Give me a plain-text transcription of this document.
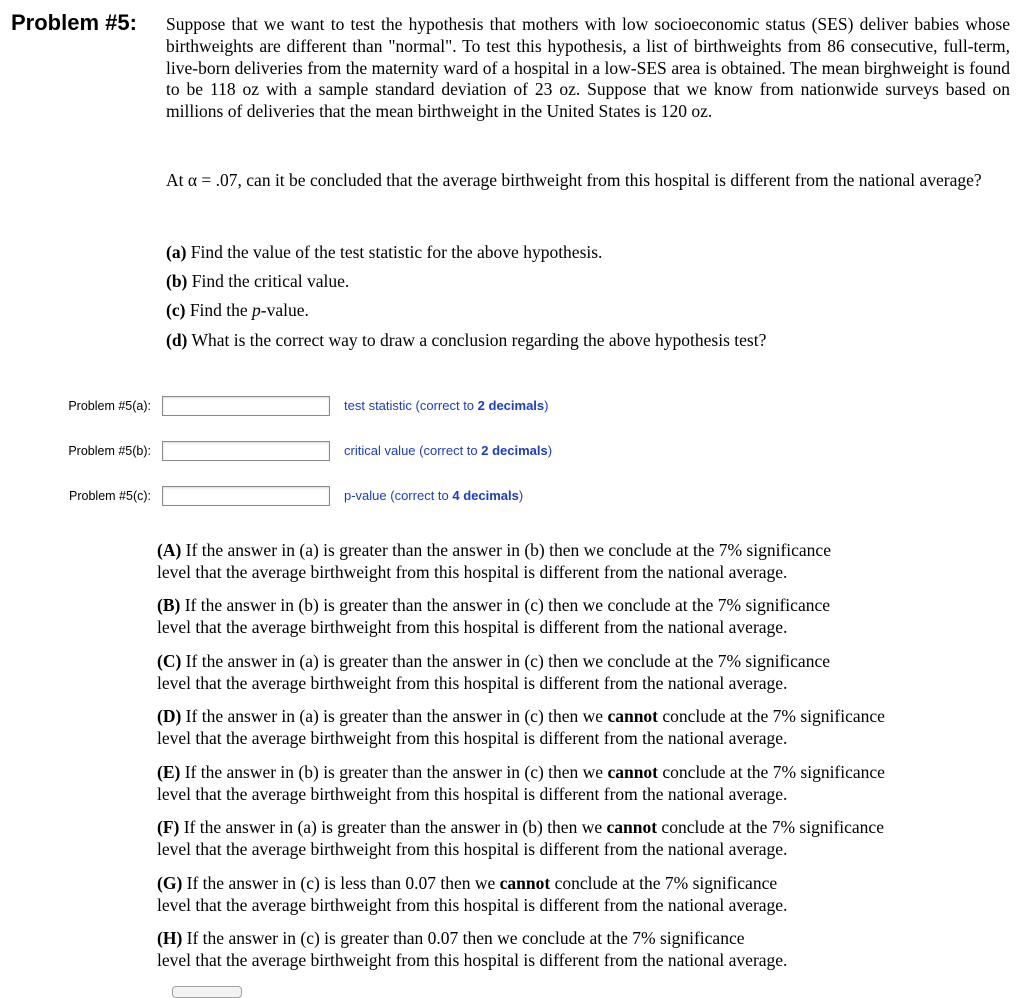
Problem #5: Suppose that we want to test the hypothesis that mothers with low socioeconomic status (SES) deliver babies whose birthweights are different than "normal". To test this hypothesis, a list of birthweights from 86 consecutive, full-term, live-born deliveries from the maternity ward of a hospital in a low-SES area is obtained. The mean birghweight is found to be 118 oz with a sample standard deviation of 23 oz. Suppose that we know from nationwide surveys based on millions of deliveries that the mean birthweight in the United States is 120 oz.

At α = .07, can it be concluded that the average birthweight from this hospital is different from the national average?

(a) Find the value of the test statistic for the above hypothesis.

(b) Find the critical value.

(c) Find the p-value.

(d) What is the correct way to draw a conclusion regarding the above hypothesis test?

Problem #5(a):	test statistic (correct to 2 decimals)
Problem #5(b):	critical value (correct to 2 decimals)
Problem #5(c):	p-value (correct to 4 decimals)

(A) If the answer in (a) is greater than the answer in (b) then we conclude at the 7% significance
level that the average birthweight from this hospital is different from the national average.

(B) If the answer in (b) is greater than the answer in (c) then we conclude at the 7% significance
level that the average birthweight from this hospital is different from the national average.

(C) If the answer in (a) is greater than the answer in (c) then we conclude at the 7% significance
level that the average birthweight from this hospital is different from the national average.

(D) If the answer in (a) is greater than the answer in (c) then we cannot conclude at the 7% significance
level that the average birthweight from this hospital is different from the national average.

(E) If the answer in (b) is greater than the answer in (c) then we cannot conclude at the 7% significance
level that the average birthweight from this hospital is different from the national average.

(F) If the answer in (a) is greater than the answer in (b) then we cannot conclude at the 7% significance
level that the average birthweight from this hospital is different from the national average.

(G) If the answer in (c) is less than 0.07 then we cannot conclude at the 7% significance
level that the average birthweight from this hospital is different from the national average.

(H) If the answer in (c) is greater than 0.07 then we conclude at the 7% significance
level that the average birthweight from this hospital is different from the national average.
